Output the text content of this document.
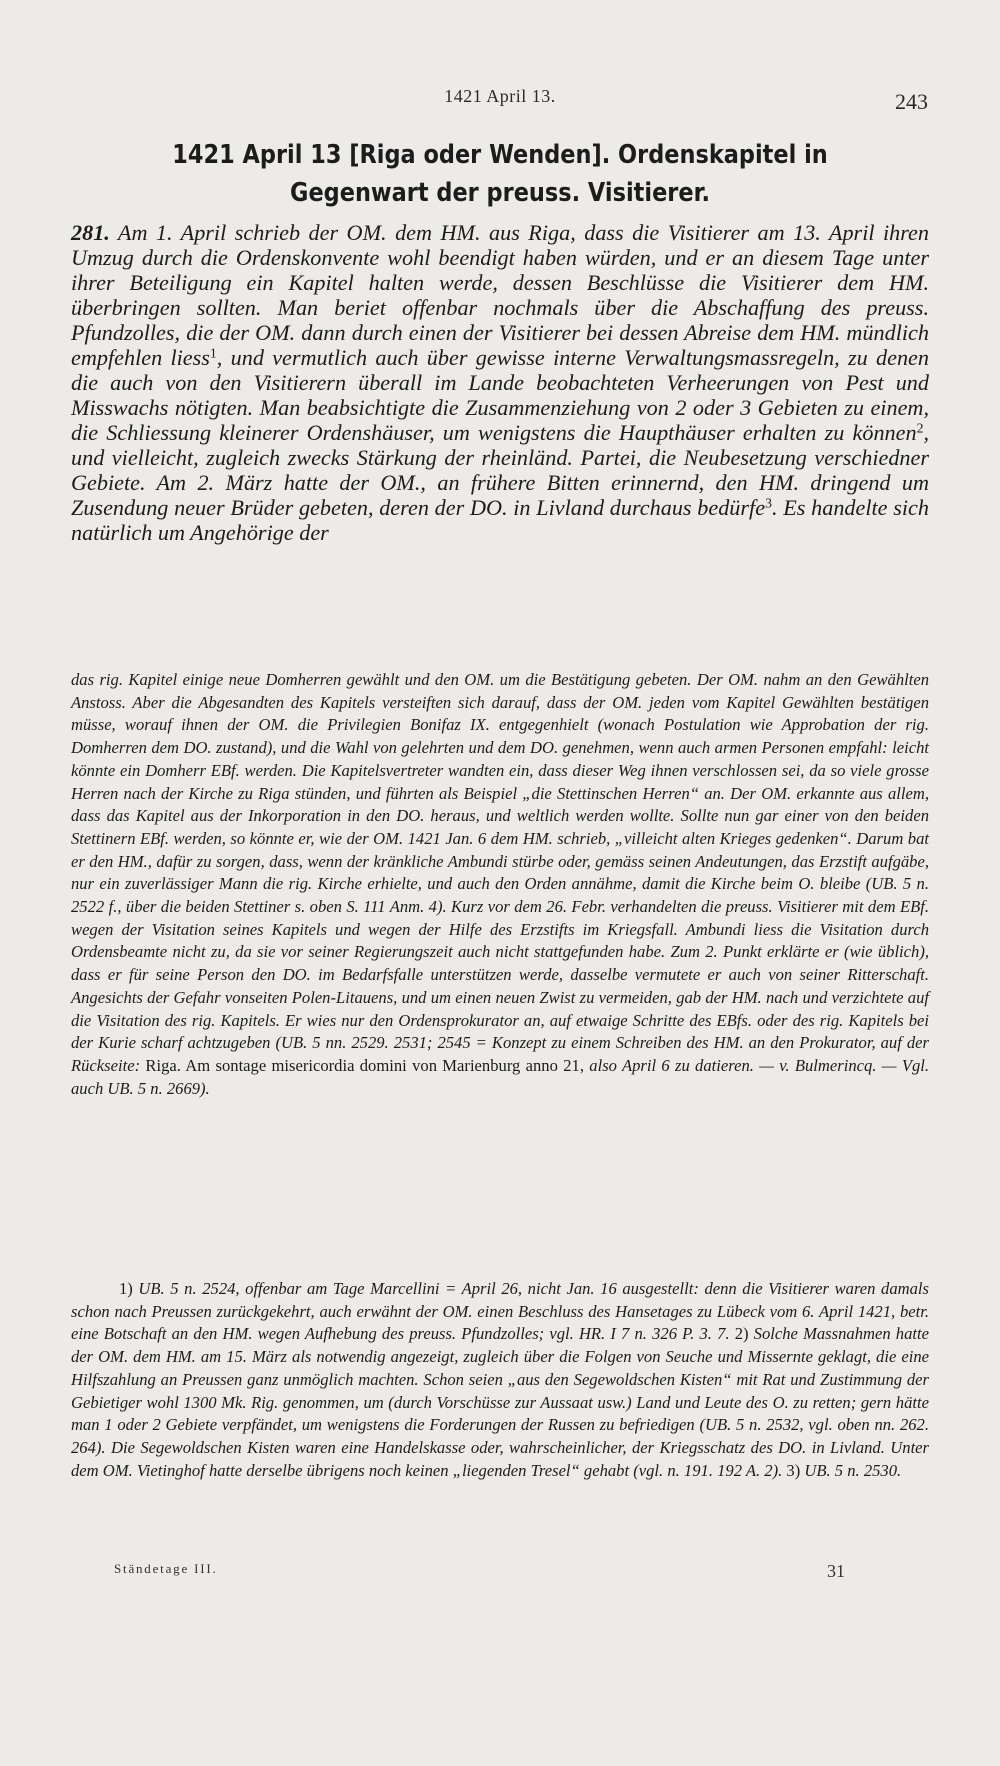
1421 April 13.	243
1421 April 13 [Riga oder Wenden]. Ordenskapitel in Gegenwart der preuss. Visitierer.
281. Am 1. April schrieb der OM. dem HM. aus Riga, dass die Visitierer am 13. April ihren Umzug durch die Ordenskonvente wohl beendigt haben würden, und er an diesem Tage unter ihrer Beteiligung ein Kapitel halten werde, dessen Beschlüsse die Visitierer dem HM. überbringen sollten. Man beriet offenbar nochmals über die Abschaffung des preuss. Pfundzolles, die der OM. dann durch einen der Visitierer bei dessen Abreise dem HM. mündlich empfehlen liess$^1$, und vermutlich auch über gewisse interne Verwaltungsmassregeln, zu denen die auch von den Visitierern überall im Lande beobachteten Verheerungen von Pest und Misswachs nötigten. Man beabsichtigte die Zusammenziehung von 2 oder 3 Gebieten zu einem, die Schliessung kleinerer Ordenshäuser, um wenigstens die Haupthäuser erhalten zu können$^2$, und vielleicht, zugleich zwecks Stärkung der rheinländ. Partei, die Neubesetzung verschiedner Gebiete. Am 2. März hatte der OM., an frühere Bitten erinnernd, den HM. dringend um Zusendung neuer Brüder gebeten, deren der DO. in Livland durchaus bedürfe$^3$. Es handelte sich natürlich um Angehörige der
das rig. Kapitel einige neue Domherren gewählt und den OM. um die Bestätigung gebeten. Der OM. nahm an den Gewählten Anstoss. Aber die Abgesandten des Kapitels versteiften sich darauf, dass der OM. jeden vom Kapitel Gewählten bestätigen müsse, worauf ihnen der OM. die Privilegien Bonifaz IX. entgegenhielt (wonach Postulation wie Approbation der rig. Domherren dem DO. zustand), und die Wahl von gelehrten und dem DO. genehmen, wenn auch armen Personen empfahl: leicht könnte ein Domherr EBf. werden. Die Kapitelsvertreter wandten ein, dass dieser Weg ihnen verschlossen sei, da so viele grosse Herren nach der Kirche zu Riga stünden, und führten als Beispiel „die Stettinschen Herren“ an. Der OM. erkannte aus allem, dass das Kapitel aus der Inkorporation in den DO. heraus, und weltlich werden wollte. Sollte nun gar einer von den beiden Stettinern EBf. werden, so könnte er, wie der OM. 1421 Jan. 6 dem HM. schrieb, „villeicht alten Krieges gedenken“. Darum bat er den HM., dafür zu sorgen, dass, wenn der kränkliche Ambundi stürbe oder, gemäss seinen Andeutungen, das Erzstift aufgäbe, nur ein zuverlässiger Mann die rig. Kirche erhielte, und auch den Orden annähme, damit die Kirche beim O. bleibe (UB. 5 n. 2522 f., über die beiden Stettiner s. oben S. 111 Anm. 4). Kurz vor dem 26. Febr. verhandelten die preuss. Visitierer mit dem EBf. wegen der Visitation seines Kapitels und wegen der Hilfe des Erzstifts im Kriegsfall. Ambundi liess die Visitation durch Ordensbeamte nicht zu, da sie vor seiner Regierungszeit auch nicht stattgefunden habe. Zum 2. Punkt erklärte er (wie üblich), dass er für seine Person den DO. im Bedarfsfalle unterstützen werde, dasselbe vermutete er auch von seiner Ritterschaft. Angesichts der Gefahr vonseiten Polen-Litauens, und um einen neuen Zwist zu vermeiden, gab der HM. nach und verzichtete auf die Visitation des rig. Kapitels. Er wies nur den Ordensprokurator an, auf etwaige Schritte des EBfs. oder des rig. Kapitels bei der Kurie scharf achtzugeben (UB. 5 nn. 2529. 2531; 2545 = Konzept zu einem Schreiben des HM. an den Prokurator, auf der Rückseite: Riga. Am sontage misericordia domini von Marienburg anno 21, also April 6 zu datieren. — v. Bulmerincq. — Vgl. auch UB. 5 n. 2669).
1) UB. 5 n. 2524, offenbar am Tage Marcellini = April 26, nicht Jan. 16 ausgestellt: denn die Visitierer waren damals schon nach Preussen zurückgekehrt, auch erwähnt der OM. einen Beschluss des Hansetages zu Lübeck vom 6. April 1421, betr. eine Botschaft an den HM. wegen Aufhebung des preuss. Pfundzolles; vgl. HR. I 7 n. 326 P. 3. 7. 2) Solche Massnahmen hatte der OM. dem HM. am 15. März als notwendig angezeigt, zugleich über die Folgen von Seuche und Missernte geklagt, die eine Hilfszahlung an Preussen ganz unmöglich machten. Schon seien „aus den Segewoldschen Kisten“ mit Rat und Zustimmung der Gebietiger wohl 1300 Mk. Rig. genommen, um (durch Vorschüsse zur Aussaat usw.) Land und Leute des O. zu retten; gern hätte man 1 oder 2 Gebiete verpfändet, um wenigstens die Forderungen der Russen zu befriedigen (UB. 5 n. 2532, vgl. oben nn. 262. 264). Die Segewoldschen Kisten waren eine Handelskasse oder, wahrscheinlicher, der Kriegsschatz des DO. in Livland. Unter dem OM. Vietinghof hatte derselbe übrigens noch keinen „liegenden Tresel“ gehabt (vgl. n. 191. 192 A. 2). 3) UB. 5 n. 2530.
Ständetage III.	31
